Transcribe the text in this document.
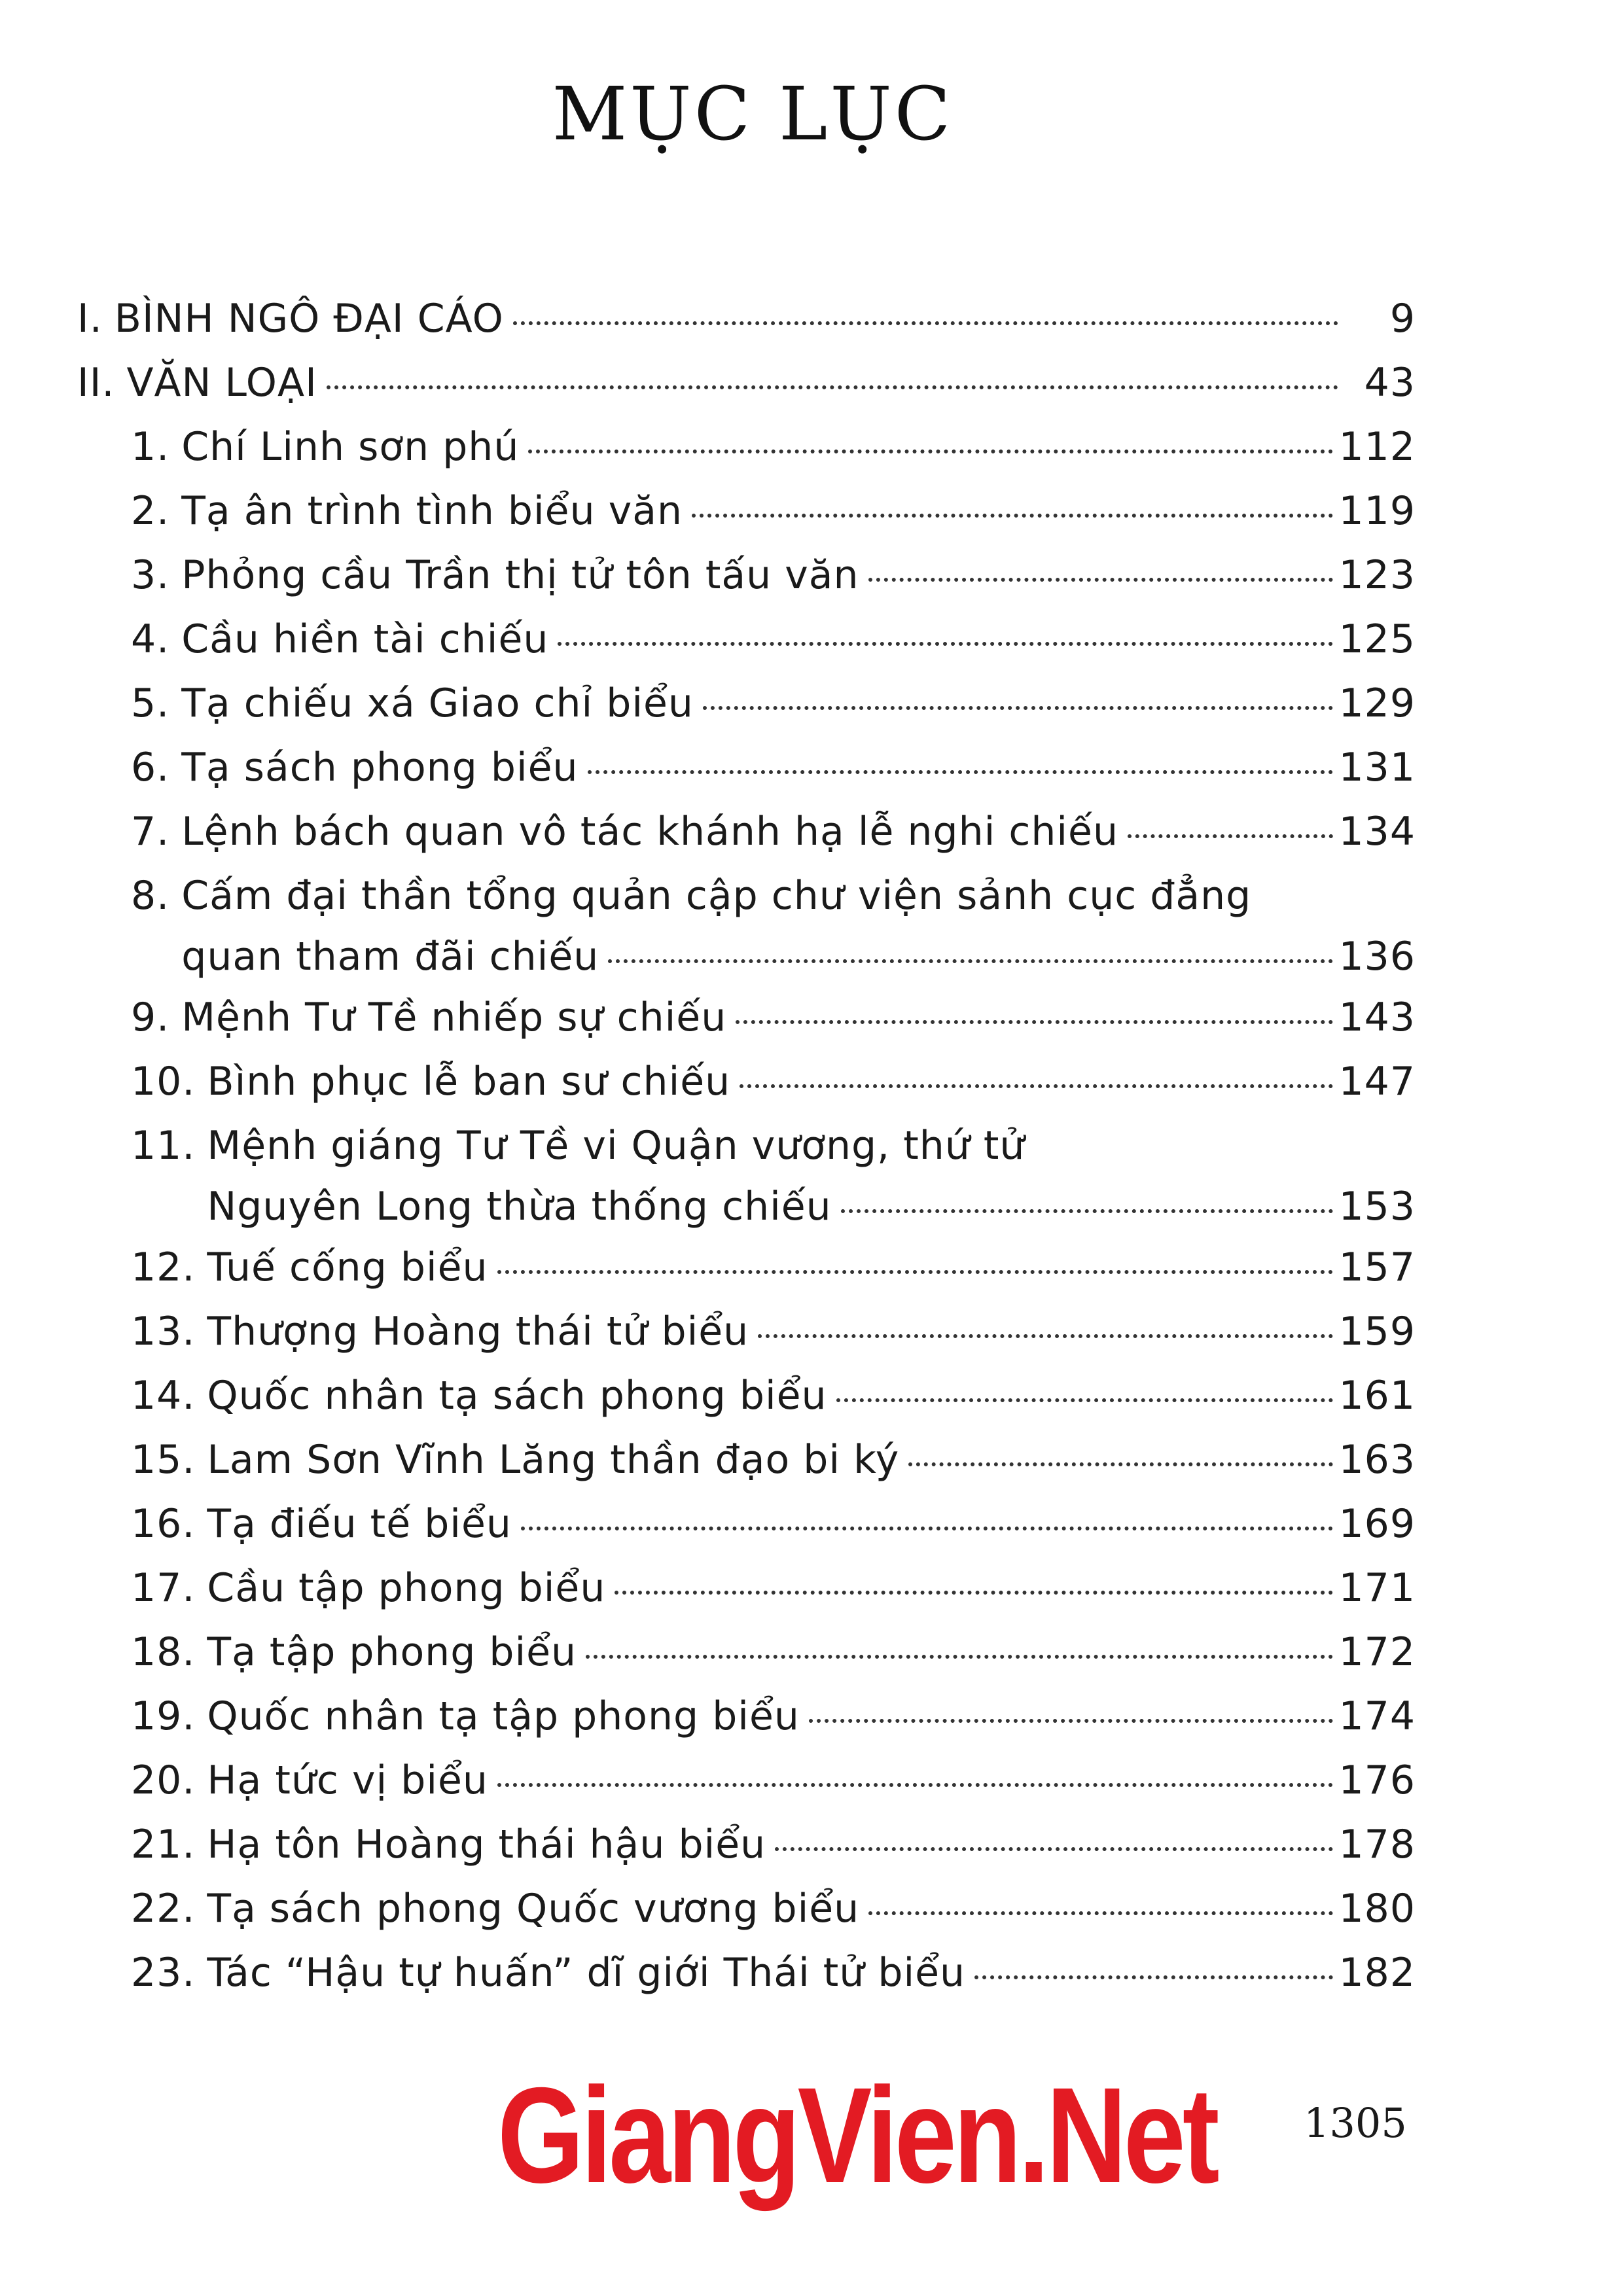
MỤC LỤC
I. BÌNH NGÔ ĐẠI CÁO	9
II. VĂN LOẠI	43
1. Chí Linh sơn phú	112
2. Tạ ân trình tình biểu văn	119
3. Phỏng cầu Trần thị tử tôn tấu văn	123
4. Cầu hiền tài chiếu	125
5. Tạ chiếu xá Giao chỉ biểu	129
6. Tạ sách phong biểu	131
7. Lệnh bách quan vô tác khánh hạ lễ nghi chiếu	134
8. Cấm đại thần tổng quản cập chư viện sảnh cục đẳng
quan tham đãi chiếu	136
9. Mệnh Tư Tề nhiếp sự chiếu	143
10. Bình phục lễ ban sư chiếu	147
11. Mệnh giáng Tư Tề vi Quận vương, thứ tử
Nguyên Long thừa thống chiếu	153
12. Tuế cống biểu	157
13. Thượng Hoàng thái tử biểu	159
14. Quốc nhân tạ sách phong biểu	161
15. Lam Sơn Vĩnh Lăng thần đạo bi ký	163
16. Tạ điếu tế biểu	169
17. Cầu tập phong biểu	171
18. Tạ tập phong biểu	172
19. Quốc nhân tạ tập phong biểu	174
20. Hạ tức vị biểu	176
21. Hạ tôn Hoàng thái hậu biểu	178
22. Tạ sách phong Quốc vương biểu	180
23. Tác “Hậu tự huấn” dĩ giới Thái tử biểu	182
GiangVien.Net 1305
